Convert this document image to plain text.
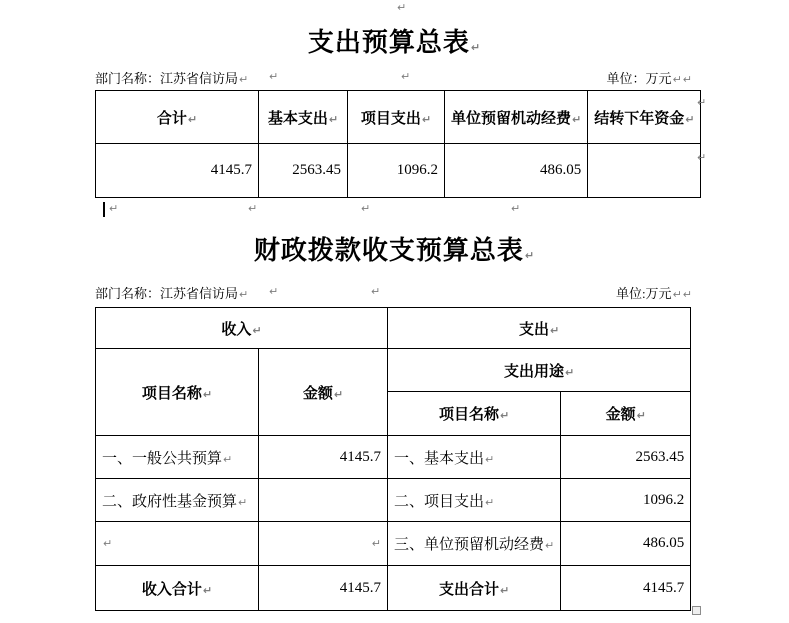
↵
支出预算总表↵
部门名称：江苏省信访局↵ ↵	↵	单位：万元↵↵
合计↵	基本支出↵	项目支出↵	单位预留机动经费↵	结转下年资金↵
4145.7	2563.45	1096.2	486.05	
↵
↵
↵	↵	↵	↵
财政拨款收支预算总表↵
部门名称：江苏省信访局↵ ↵	↵	单位:万元↵↵
收入↵		支出↵	
项目名称↵	金额↵	支出用途↵	
		项目名称↵	金额↵
一、一般公共预算↵	4145.7	一、基本支出↵	2563.45
二、政府性基金预算↵		二、项目支出↵	1096.2
↵	↵	三、单位预留机动经费↵	486.05
收入合计↵	4145.7	支出合计↵	4145.7
